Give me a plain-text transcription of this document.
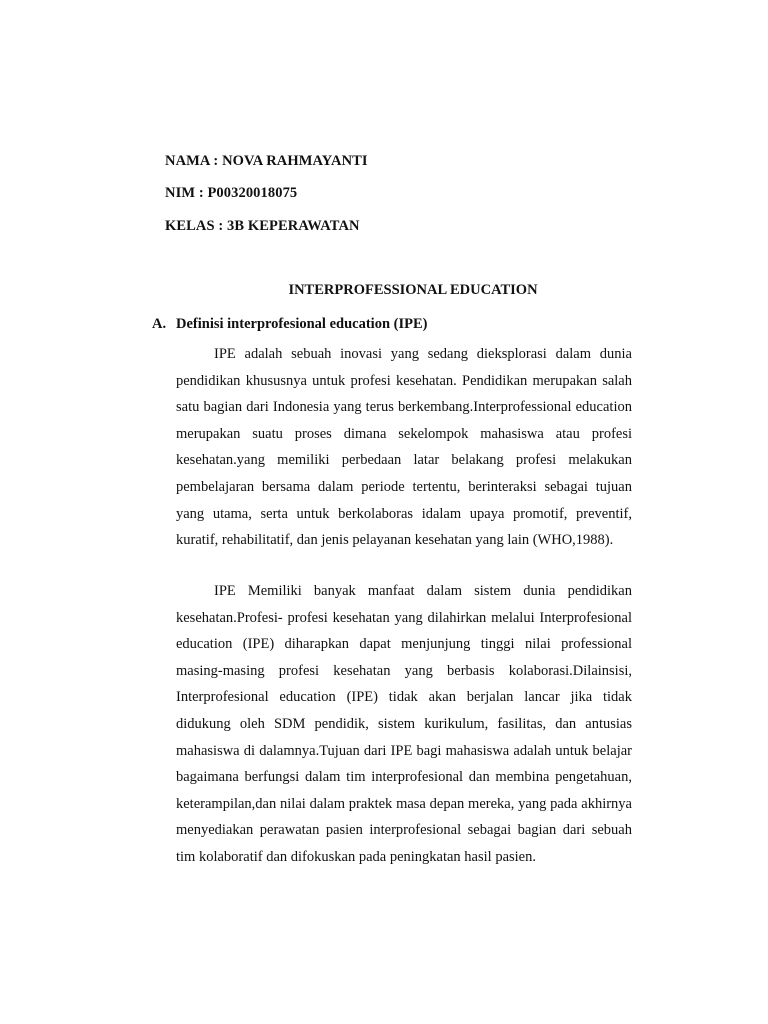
NAMA : NOVA RAHMAYANTI
NIM : P00320018075
KELAS : 3B KEPERAWATAN
INTERPROFESSIONAL EDUCATION
A. Definisi interprofesional education (IPE)

IPE adalah sebuah inovasi yang sedang dieksplorasi dalam dunia pendidikan khususnya untuk profesi kesehatan. Pendidikan merupakan salah satu bagian dari Indonesia yang terus berkembang.Interprofessional education merupakan suatu proses dimana sekelompok mahasiswa atau profesi kesehatan.yang memiliki perbedaan latar belakang profesi melakukan pembelajaran bersama dalam periode tertentu, berinteraksi sebagai tujuan yang utama, serta untuk berkolaboras idalam upaya promotif, preventif, kuratif, rehabilitatif, dan jenis pelayanan kesehatan yang lain (WHO,1988).

IPE Memiliki banyak manfaat dalam sistem dunia pendidikan kesehatan.Profesi- profesi kesehatan yang dilahirkan melalui Interprofesional education (IPE) diharapkan dapat menjunjung tinggi nilai professional masing-masing profesi kesehatan yang berbasis kolaborasi.Dilainsisi, Interprofesional education (IPE) tidak akan berjalan lancar jika tidak didukung oleh SDM pendidik, sistem kurikulum, fasilitas, dan antusias mahasiswa di dalamnya.Tujuan dari IPE bagi mahasiswa adalah untuk belajar bagaimana berfungsi dalam tim interprofesional dan membina pengetahuan, keterampilan,dan nilai dalam praktek masa depan mereka, yang pada akhirnya menyediakan perawatan pasien interprofesional sebagai bagian dari sebuah tim kolaboratif dan difokuskan pada peningkatan hasil pasien.
